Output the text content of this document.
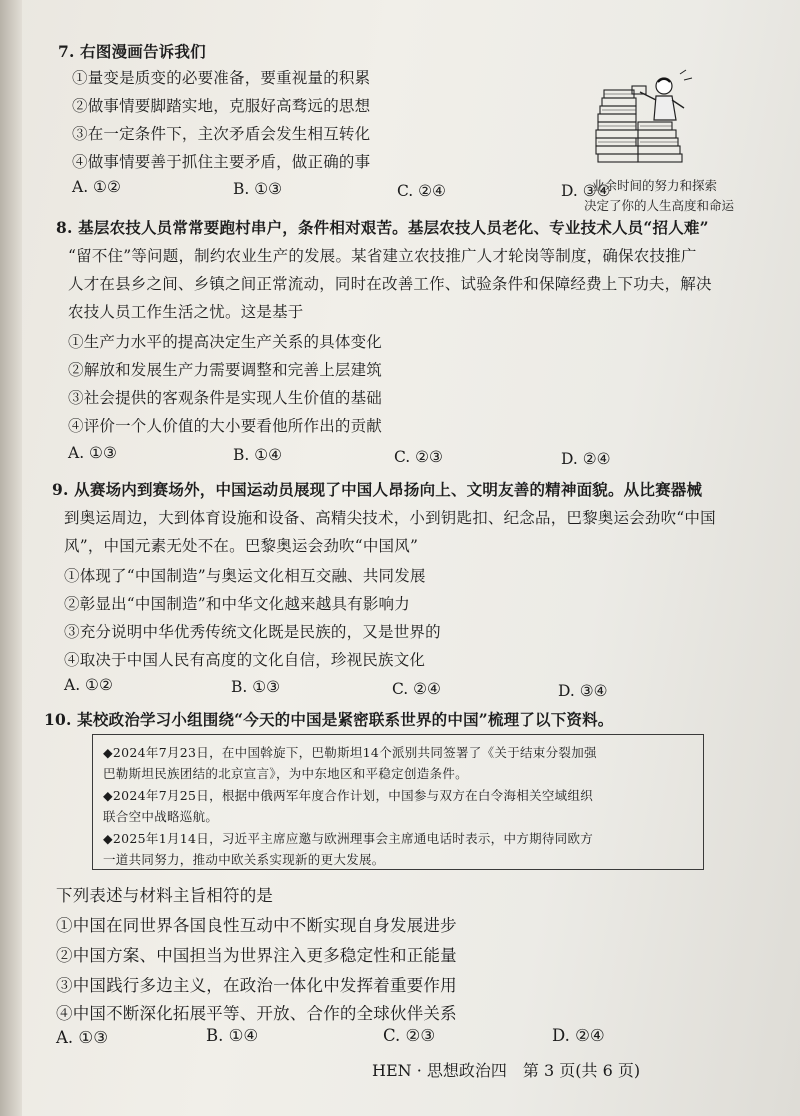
7. 右图漫画告诉我们
①量变是质变的必要准备，要重视量的积累
②做事情要脚踏实地，克服好高骛远的思想
③在一定条件下，主次矛盾会发生相互转化
④做事情要善于抓住主要矛盾，做正确的事
A. ①②	B. ①③	C. ②④	D. ③④
业余时间的努力和探索
决定了你的人生高度和命运
8. 基层农技人员常常要跑村串户，条件相对艰苦。基层农技人员老化、专业技术人员“招人难”
“留不住”等问题，制约农业生产的发展。某省建立农技推广人才轮岗等制度，确保农技推广
人才在县乡之间、乡镇之间正常流动，同时在改善工作、试验条件和保障经费上下功夫，解决
农技人员工作生活之忧。这是基于
①生产力水平的提高决定生产关系的具体变化
②解放和发展生产力需要调整和完善上层建筑
③社会提供的客观条件是实现人生价值的基础
④评价一个人价值的大小要看他所作出的贡献
A. ①③	B. ①④	C. ②③	D. ②④
9. 从赛场内到赛场外，中国运动员展现了中国人昂扬向上、文明友善的精神面貌。从比赛器械
到奥运周边，大到体育设施和设备、高精尖技术，小到钥匙扣、纪念品，巴黎奥运会劲吹“中国
风”，中国元素无处不在。巴黎奥运会劲吹“中国风”
①体现了“中国制造”与奥运文化相互交融、共同发展
②彰显出“中国制造”和中华文化越来越具有影响力
③充分说明中华优秀传统文化既是民族的，又是世界的
④取决于中国人民有高度的文化自信，珍视民族文化
A. ①②	B. ①③	C. ②④	D. ③④
10. 某校政治学习小组围绕“今天的中国是紧密联系世界的中国”梳理了以下资料。
◆2024年7月23日，在中国斡旋下，巴勒斯坦14个派别共同签署了《关于结束分裂加强
巴勒斯坦民族团结的北京宣言》，为中东地区和平稳定创造条件。
◆2024年7月25日，根据中俄两军年度合作计划，中国参与双方在白令海相关空域组织
联合空中战略巡航。
◆2025年1月14日，习近平主席应邀与欧洲理事会主席通电话时表示，中方期待同欧方
一道共同努力，推动中欧关系实现新的更大发展。
下列表述与材料主旨相符的是
①中国在同世界各国良性互动中不断实现自身发展进步
②中国方案、中国担当为世界注入更多稳定性和正能量
③中国践行多边主义，在政治一体化中发挥着重要作用
④中国不断深化拓展平等、开放、合作的全球伙伴关系
A. ①③	B. ①④	C. ②③	D. ②④
HEN · 思想政治四　第 3 页(共 6 页)
